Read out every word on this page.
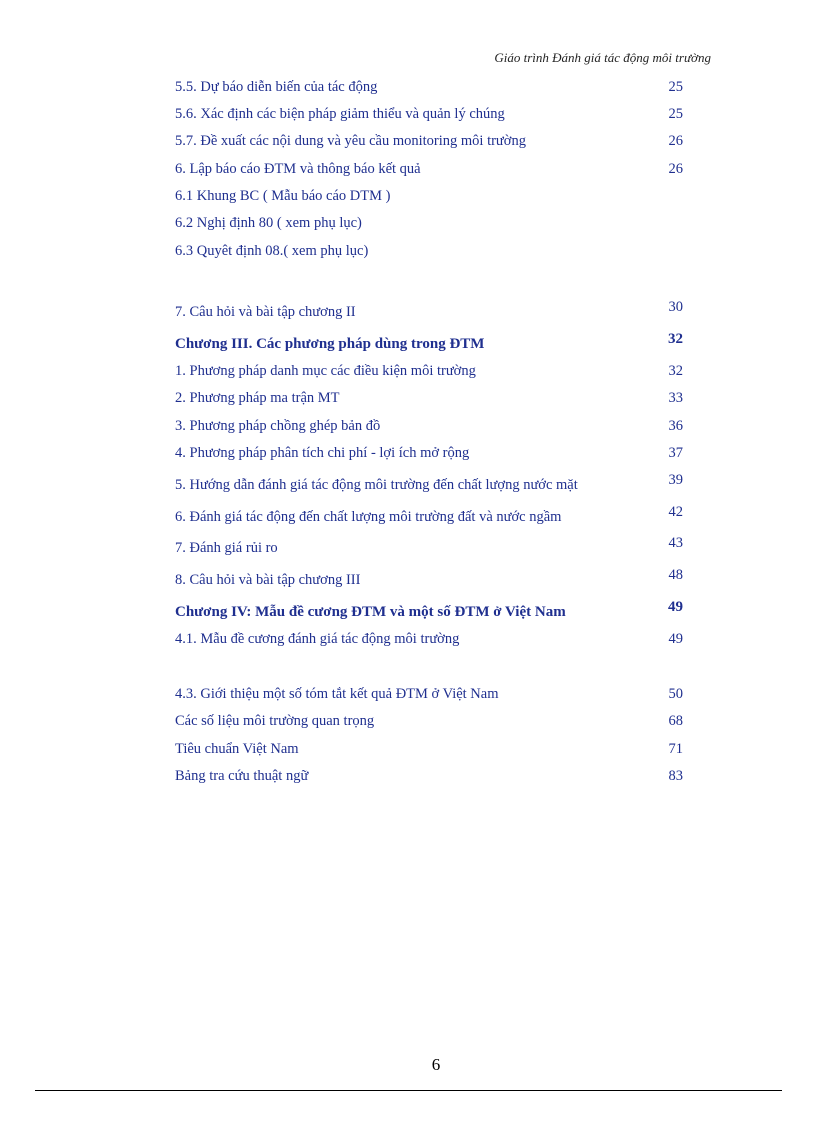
Giáo trình Đánh giá tác động môi trường
5.5. Dự báo diễn biến của tác động	25
5.6. Xác định các biện pháp giảm thiểu và quản lý chúng	25
5.7. Đề xuất các nội dung và yêu cầu monitoring môi trường	26
6. Lập báo cáo ĐTM và thông báo kết quả	26
6.1 Khung BC ( Mẫu báo cáo DTM )
6.2 Nghị định 80 ( xem phụ lục)
6.3 Quyêt định 08.( xem phụ lục)
7. Câu hỏi và bài tập chương II	30
Chương III. Các phương pháp dùng trong ĐTM	32
1. Phương pháp danh mục các điều kiện môi trường	32
2. Phương pháp ma trận MT	33
3. Phương pháp chồng ghép bản đồ	36
4. Phương pháp phân tích chi phí - lợi ích mở rộng	37
5. Hướng dẫn đánh giá tác động môi trường đến chất lượng nước mặt	39
6. Đánh giá tác động đến chất lượng môi trường đất và nước ngầm	42
7. Đánh giá rủi ro	43
8. Câu hỏi và bài tập chương III	48
Chương IV: Mẫu đề cương ĐTM và một số ĐTM ở Việt Nam	49
4.1. Mẫu đề cương đánh giá tác động môi trường	49
4.3. Giới thiệu một số tóm tắt kết quả ĐTM ở Việt Nam	50
Các số liệu môi trường quan trọng	68
Tiêu chuẩn Việt Nam	71
Bảng tra cứu thuật ngữ	83
6
